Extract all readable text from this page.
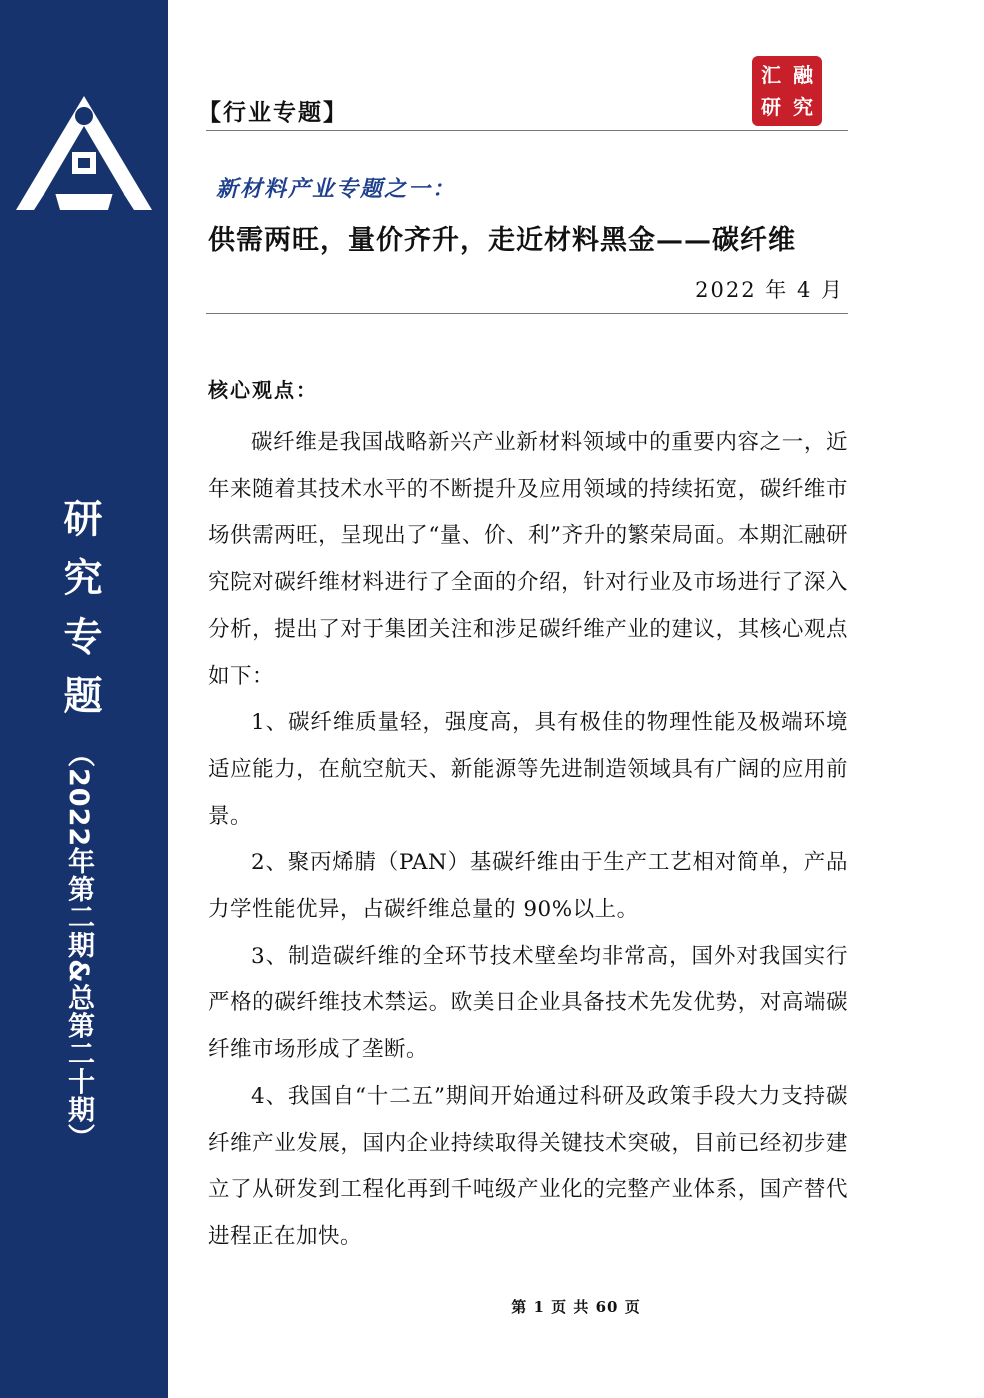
研究专题
（2022年第二期&总第二十期）
【行业专题】
汇 融
研 究
新材料产业专题之一：
供需两旺，量价齐升，走近材料黑金——碳纤维
2022 年 4 月
核心观点：

碳纤维是我国战略新兴产业新材料领域中的重要内容之一，近年来随着其技术水平的不断提升及应用领域的持续拓宽，碳纤维市场供需两旺，呈现出了“量、价、利”齐升的繁荣局面。本期汇融研究院对碳纤维材料进行了全面的介绍，针对行业及市场进行了深入分析，提出了对于集团关注和涉足碳纤维产业的建议，其核心观点如下：

1、碳纤维质量轻，强度高，具有极佳的物理性能及极端环境适应能力，在航空航天、新能源等先进制造领域具有广阔的应用前景。

2、聚丙烯腈（PAN）基碳纤维由于生产工艺相对简单，产品力学性能优异，占碳纤维总量的 90%以上。

3、制造碳纤维的全环节技术壁垒均非常高，国外对我国实行严格的碳纤维技术禁运。欧美日企业具备技术先发优势，对高端碳纤维市场形成了垄断。

4、我国自“十二五”期间开始通过科研及政策手段大力支持碳纤维产业发展，国内企业持续取得关键技术突破，目前已经初步建立了从研发到工程化再到千吨级产业化的完整产业体系，国产替代进程正在加快。

第 1 页 共 60 页
